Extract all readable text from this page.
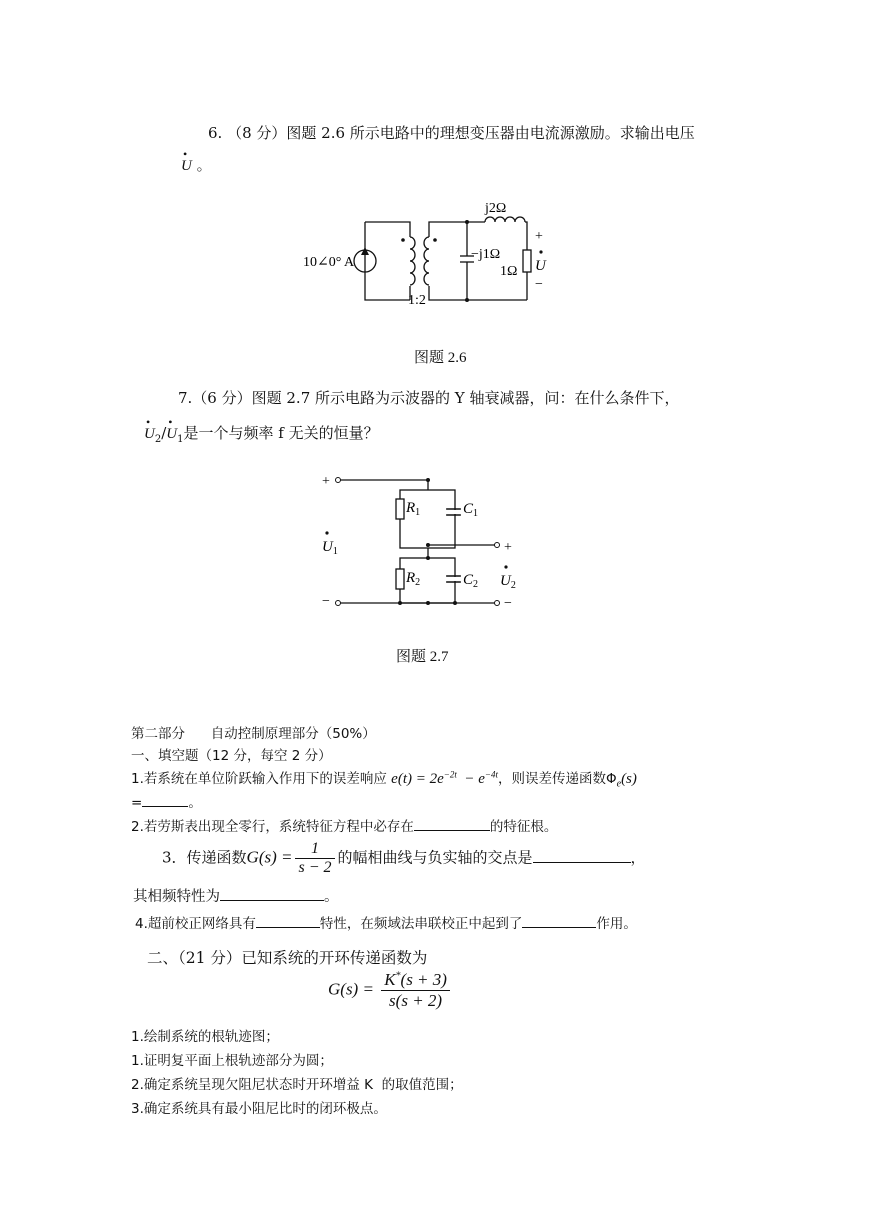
6. （8 分）图题 2.6 所示电路中的理想变压器由电流源激励。求输出电压
• U 。
10∠0° A
j2Ω
−j1Ω
1Ω
1:2
+
−
U
图题 2.6
7.（6 分）图题 2.7 所示电路为示波器的 Y 轴衰减器，问：在什么条件下，
• $U_2/•$ $U_1$是一个与频率 f 无关的恒量？
+
−
+
−
$R_1$	$C_1$
$R_2$	$C_2$
$U_1$
$U_2$
图题 2.7
第二部分      自动控制原理部分（50%）
一、填空题（12 分，每空 2 分）
1.若系统在单位阶跃输入作用下的误差响应 $e(t) = 2e^{-2t} - e^{-4t}$，则误差传递函数$\Phi_e(s)$
=	。
2.若劳斯表出现全零行，系统特征方程中必存在	的特征根。
3．传递函数$G(s) = \frac{1}{s - 2}$ 的幅相曲线与负实轴的交点是	，
其相频特性为	。
4.超前校正网络具有	特性，在频域法串联校正中起到了	作用。
二、（21 分）已知系统的开环传递函数为
$G(s) = \frac{K^*(s + 3)}{s(s + 2)}$
1.绘制系统的根轨迹图；
1.证明复平面上根轨迹部分为圆；
2.确定系统呈现欠阻尼状态时开环增益 K  的取值范围；
3.确定系统具有最小阻尼比时的闭环极点。
